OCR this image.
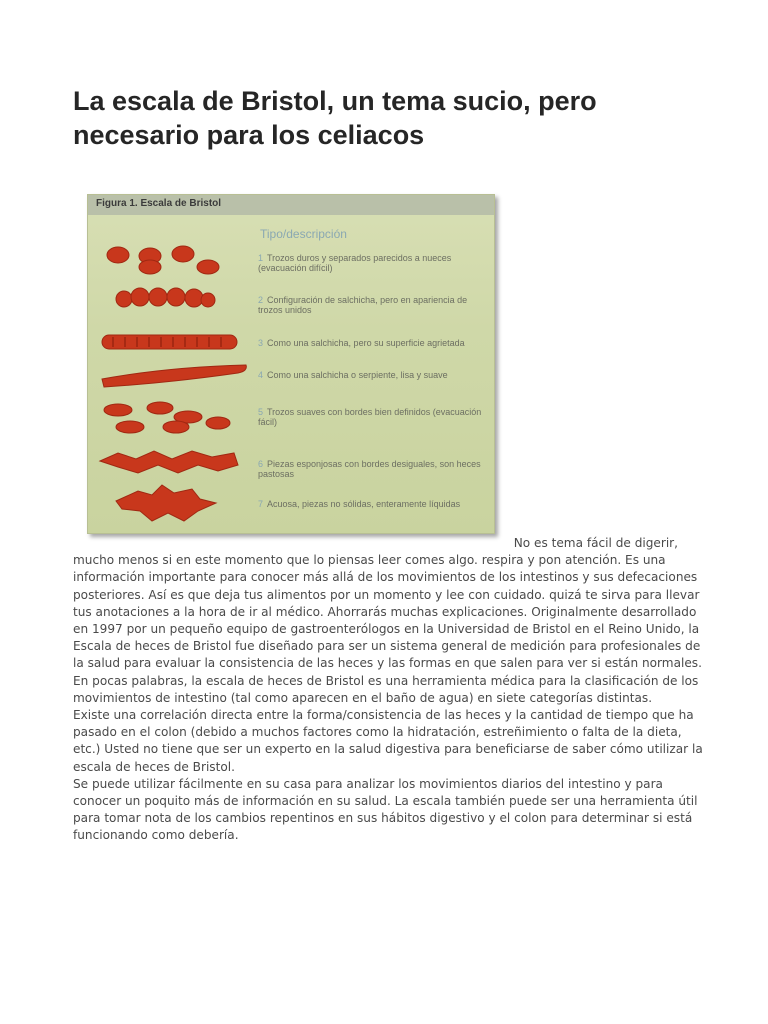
La escala de Bristol, un tema sucio, pero necesario para los celiacos
Figura 1. Escala de Bristol
Tipo/descripción
1 Trozos duros y separados parecidos a nueces (evacuación difícil)
2 Configuración de salchicha, pero en apariencia de trozos unidos
3 Como una salchicha, pero su superficie agrietada
4 Como una salchicha o serpiente, lisa y suave
5 Trozos suaves con bordes bien definidos (evacuación fácil)
6 Piezas esponjosas con bordes desiguales, son heces pastosas
7 Acuosa, piezas no sólidas, enteramente líquidas

No es tema fácil de digerir,
mucho menos si en este momento que lo piensas leer comes algo. respira y pon atención. Es una información importante para conocer más allá de los movimientos de los intestinos y sus defecaciones posteriores. Así es que deja tus alimentos por un momento y lee con cuidado. quizá te sirva para llevar tus anotaciones a la hora de ir al médico. Ahorrarás muchas explicaciones. Originalmente desarrollado en 1997 por un pequeño equipo de gastroenterólogos en la Universidad de Bristol en el Reino Unido, la Escala de heces de Bristol fue diseñado para ser un sistema general de medición para profesionales de la salud para evaluar la consistencia de las heces y las formas en que salen para ver si están normales. En pocas palabras, la escala de heces de Bristol es una herramienta médica para la clasificación de los movimientos de intestino (tal como aparecen en el baño de agua) en siete categorías distintas.

Existe una correlación directa entre la forma/consistencia de las heces y la cantidad de tiempo que ha pasado en el colon (debido a muchos factores como la hidratación, estreñimiento o falta de la dieta, etc.) Usted no tiene que ser un experto en la salud digestiva para beneficiarse de saber cómo utilizar la escala de heces de Bristol.

Se puede utilizar fácilmente en su casa para analizar los movimientos diarios del intestino y para conocer un poquito más de información en su salud. La escala también puede ser una herramienta útil para tomar nota de los cambios repentinos en sus hábitos digestivo y el colon para determinar si está funcionando como debería.
